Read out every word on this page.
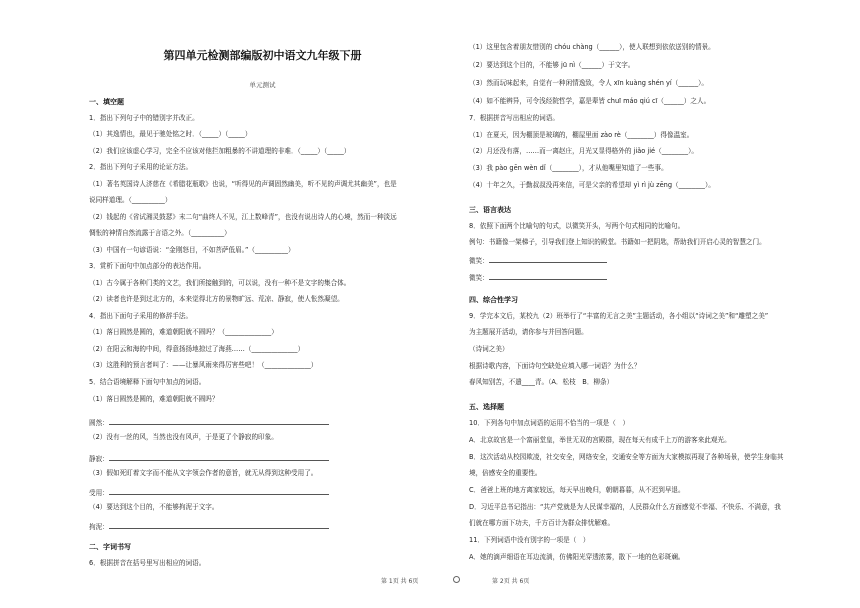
第四单元检测部编版初中语文九年级下册
单元测试
一、填空题
1．指出下列句子中的错别字并改正。
（1）其逸情也，最见于驰处铭之时．（_____）（_____）
（2）我们应该虚心学习，完全不应该对他拦加粗暴的不讲道理的非难．（_____）（_____）
2．指出下列句子采用的论证方法。
（1）著名英国诗人济慈在《希腊花瓶歌》也说，“听得见的声调固然幽美，听不见的声调尤其幽美”，也是
说同样道理。（__________）
（2）钱起的《省试湘灵鼓瑟》末二句“曲终人不见，江上数峰青”，也没有说出诗人的心境，然而一种淡远
惆怅的神情自然流露于言语之外。（__________）
（3）中国有一句谚语说：“金刚怒目，不如菩萨低眉。”（__________）
3．赏析下面句中加点部分的表达作用。
（1）古今属于各种门类的文艺，我们所接触到的，可以说，没有一种不是文字的集合体。
（2）读者也许是到过北方的，本来觉得北方的景物旷远、荒凉、静寂，使人怅然凝望。
4．指出下面句子采用的修辞手法。
（1）落日圆然是圆的，难道朝阳就不圆吗？（______________）
（2）在阳云和海的中间，得意扬扬地掠过了海燕……（______________）
（3）这胜利的预言者叫了：——让暴风雨来得厉害些吧！（______________）
5．结合语境解释下面句中加点的词语。
（1）落日圆然是圆的，难道朝阳就不圆吗？
圆然：
（2）没有一丝的风，当然也没有风声，于是更了个静寂的印象。
静寂：
（3）假如死盯着文字而不能从文字领会作者的意旨，就无从得到这种受用了。
受用：
（4）要达到这个目的，不能够拘泥于文字。
拘泥：
二、字词书写
6．根据拼音在括号里写出相应的词语。
（1）这里包含着朋友惜别的 chóu chàng（______），使人联想到依依送别的情景。
（2）要达到这个目的，不能够 jū nì（______）于文字。
（3）然而玩味起来，自觉有一种闲情逸致，令人 xīn kuàng shén yí（______）。
（4）如不能辨异，可令浅经院哲学，嘉是辈皆 chuī máo qiú cī（______）之人。
7．根据拼音写出相应的词语。
（1）在夏天，因为棚顶是玻璃的，棚屋里面 zào rè（________）得像温室。
（2）月还没有落，……而一离赵庄，月光又显得格外的 jiǎo jié（________）。
（3）我 pào gēn wèn dǐ（________），才从他嘴里知道了一些事。
（4）十年之久，于勤叔叔没再来信，可是父亲的希望却 yì rì jù zēng（________）。
三、语言表达
8．依照下面两个比喻句的句式，以微笑开头，写两个句式相同的比喻句。
例句：书籍像一架梯子，引导我们登上知识的殿堂。书籍如一把阴匙，帮助我们开启心灵的智慧之门。
微笑：
微笑：
四、综合性学习
9．学完本文后，某校九（2）班举行了“丰富的无言之美”主题活动，各小组以“诗词之美”和“雕塑之美”
为主题展开活动，请你参与并回答问题。
（诗词之美）
根据诗歌内容，下面诗句空缺处应填入哪一词语？为什么？
春风知别苦，不遣____青。（A．松枝　B．柳条）
五、选择题
10．下列各句中加点词语的运用不恰当的一项是（　）
A．北京故宫是一个富丽堂皇，举世无双的宫殿群，现在每天有成千上万的游客来此观光。
B．这次活动从校园欺凌，社交安全，网络安全，交通安全等方面为大家模拟再现了各种场景，使学生身临其
境，倍感安全的重要性。
C．爸爸上班的地方离家较远，每天早出晚归，朝朝暮暮，从不迟到早退。
D．习近平总书记指出：“共产党就是为人民谋幸福的，人民群众什么方面感觉不幸福、不快乐、不满意，我
们就在哪方面下功夫，千方百计为群众排忧解难。
11．下列词语中没有别字的一项是（　）
A．她的滴声细语在耳边流淌，仿佛阳光穿透浓雾，散下一地的色彩斑斓。
第 1页 共 6页	第 2页 共 6页
